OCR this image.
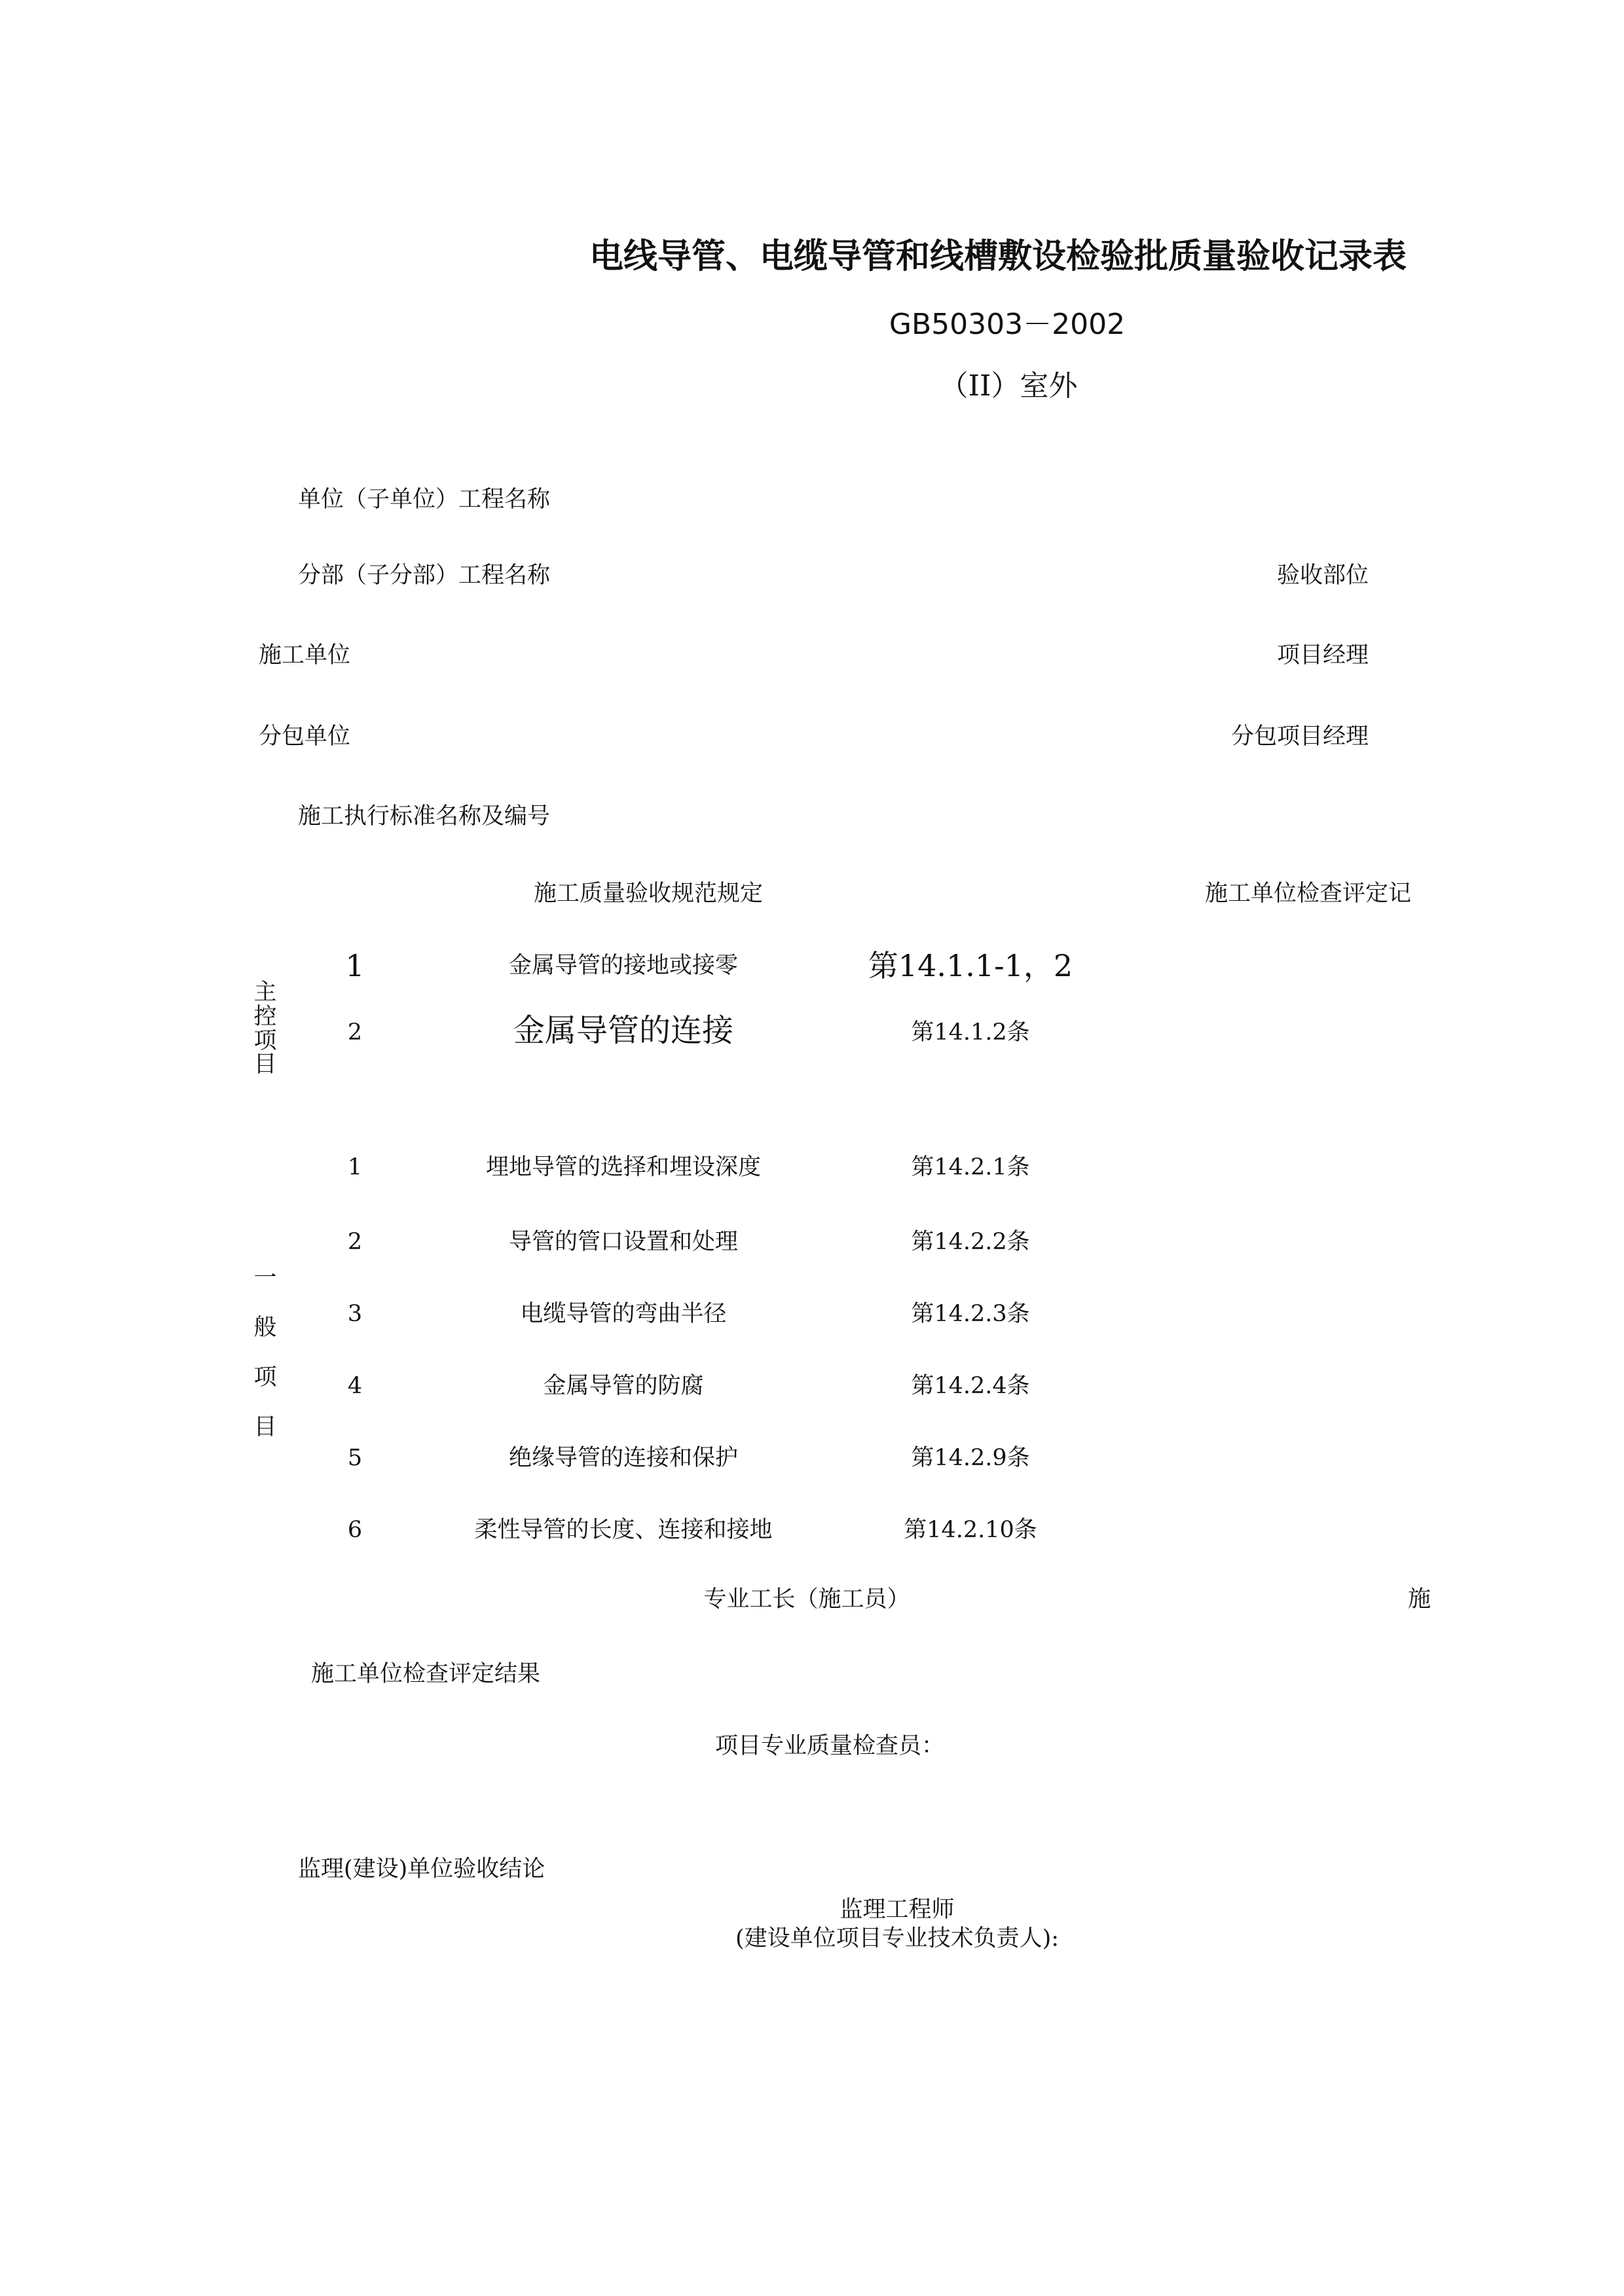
电线导管、电缆导管和线槽敷设检验批质量验收记录表
GB50303－2002
（II）室外
单位（子单位）工程名称
分部（子分部）工程名称	验收部位
施工单位	项目经理
分包单位	分包项目经理
施工执行标准名称及编号
施工质量验收规范规定	施工单位检查评定记
主控项目
1	金属导管的接地或接零	第14.1.1-1，2
2	金属导管的连接	第14.1.2条
一
般
项
目
1	埋地导管的选择和埋设深度	第14.2.1条
2	导管的管口设置和处理	第14.2.2条
3	电缆导管的弯曲半径	第14.2.3条
4	金属导管的防腐	第14.2.4条
5	绝缘导管的连接和保护	第14.2.9条
6	柔性导管的长度、连接和接地	第14.2.10条
专业工长（施工员）	施
施工单位检查评定结果
项目专业质量检查员：
监理(建设)单位验收结论
监理工程师
(建设单位项目专业技术负责人):
